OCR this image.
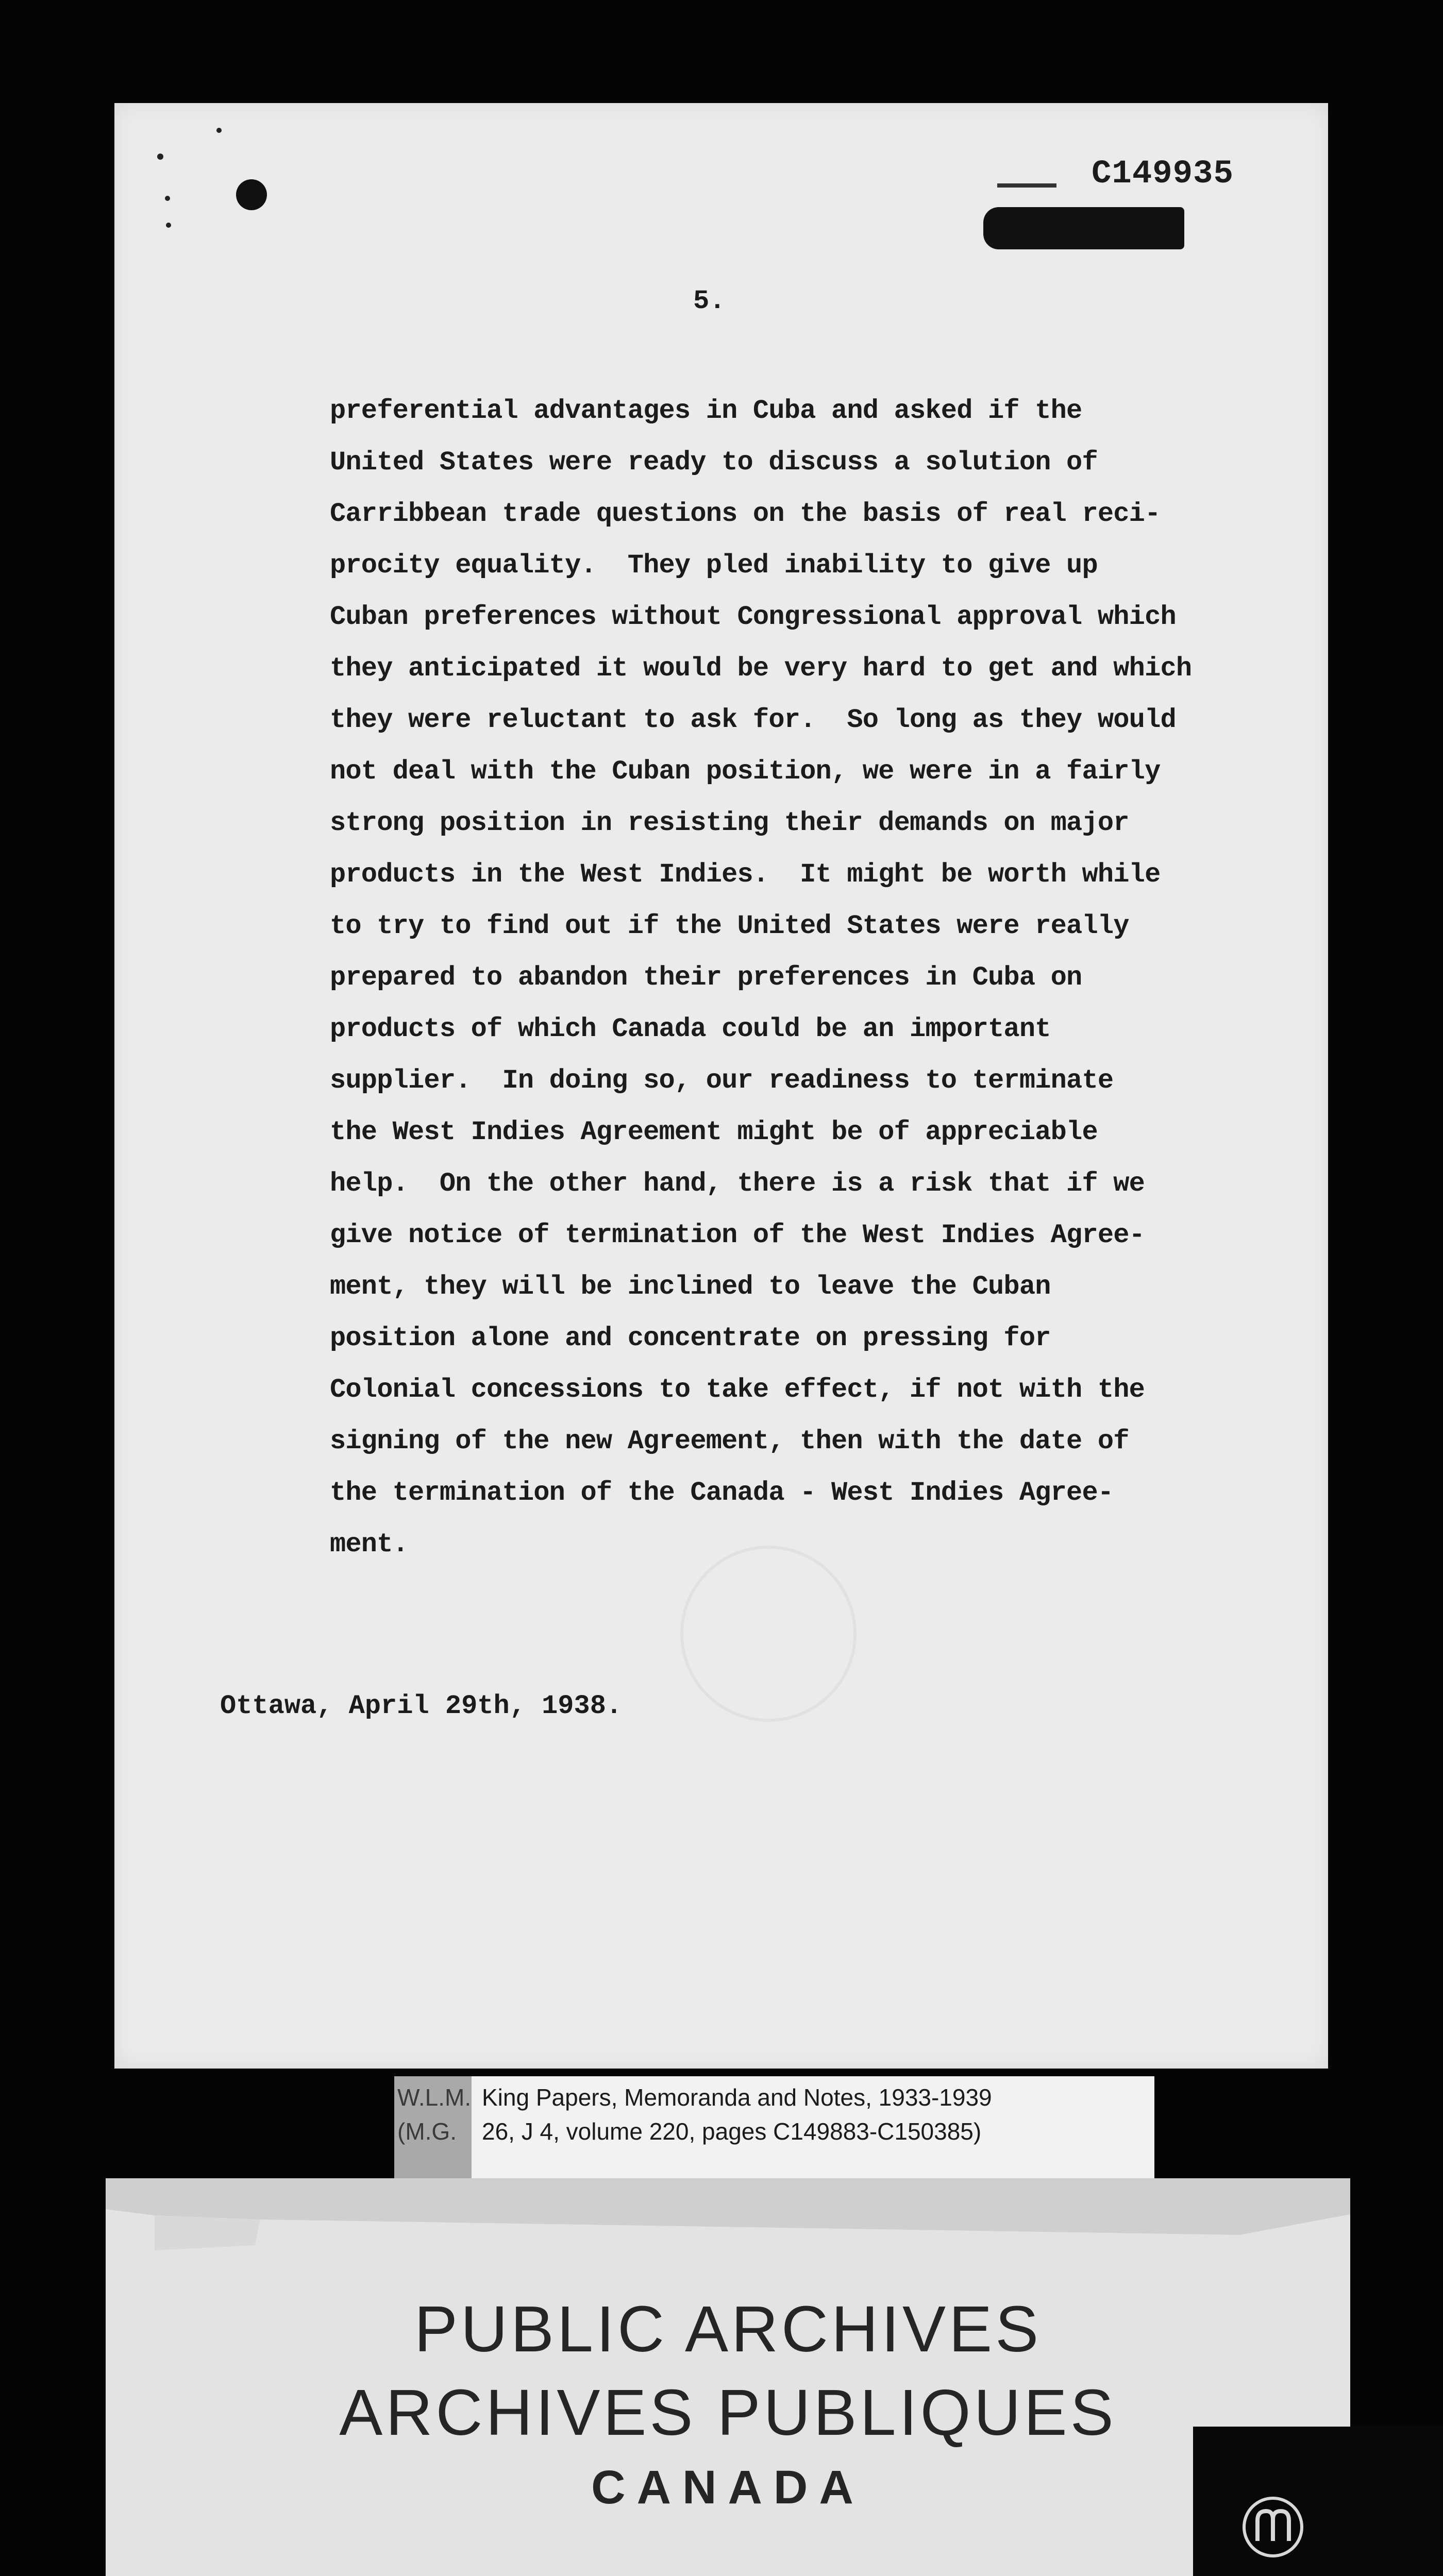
C149935
5.
preferential advantages in Cuba and asked if the
United States were ready to discuss a solution of
Carribbean trade questions on the basis of real reci-
procity equality.  They pled inability to give up
Cuban preferences without Congressional approval which
they anticipated it would be very hard to get and which
they were reluctant to ask for.  So long as they would
not deal with the Cuban position, we were in a fairly
strong position in resisting their demands on major
products in the West Indies.  It might be worth while
to try to find out if the United States were really
prepared to abandon their preferences in Cuba on
products of which Canada could be an important
supplier.  In doing so, our readiness to terminate
the West Indies Agreement might be of appreciable
help.  On the other hand, there is a risk that if we
give notice of termination of the West Indies Agree-
ment, they will be inclined to leave the Cuban
position alone and concentrate on pressing for
Colonial concessions to take effect, if not with the
signing of the new Agreement, then with the date of
the termination of the Canada - West Indies Agree-
ment.
Ottawa, April 29th, 1938.
W.L.M. King Papers, Memoranda and Notes, 1933-1939
(M.G. 26, J 4, volume 220, pages C149883-C150385)
PUBLIC ARCHIVES
ARCHIVES PUBLIQUES
CANADA
